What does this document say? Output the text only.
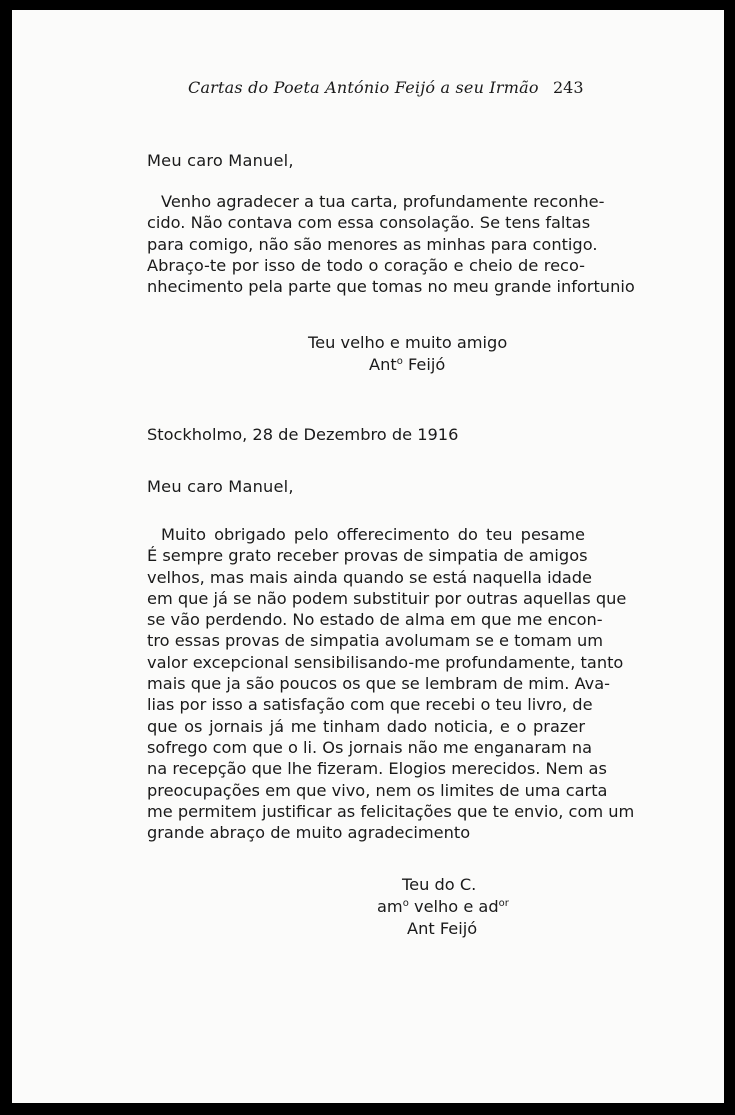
Cartas do Poeta António Feijó a seu Irmão 243
Meu caro Manuel,
Venho agradecer a tua carta, profundamente reconhe-
cido. Não contava com essa consolação. Se tens faltas
para comigo, não são menores as minhas para contigo.
Abraço-te por isso de todo o coração e cheio de reco-
nhecimento pela parte que tomas no meu grande infortunio
Teu velho e muito amigo
Ant$^o$ Feijó
Stockholmo, 28 de Dezembro de 1916
Meu caro Manuel,
Muito obrigado pelo offerecimento do teu pesame
É sempre grato receber provas de simpatia de amigos
velhos, mas mais ainda quando se está naquella idade
em que já se não podem substituir por outras aquellas que
se vão perdendo. No estado de alma em que me encon-
tro essas provas de simpatia avolumam se e tomam um
valor excepcional sensibilisando-me profundamente, tanto
mais que ja são poucos os que se lembram de mim. Ava-
lias por isso a satisfação com que recebi o teu livro, de
que os jornais já me tinham dado noticia, e o prazer
sofrego com que o li. Os jornais não me enganaram na
na recepção que lhe fizeram. Elogios merecidos. Nem as
preocupações em que vivo, nem os limites de uma carta
me permitem justificar as felicitações que te envio, com um
grande abraço de muito agradecimento
Teu do C.
$am^o$ velho e $ad^{or}$
Ant Feijó
